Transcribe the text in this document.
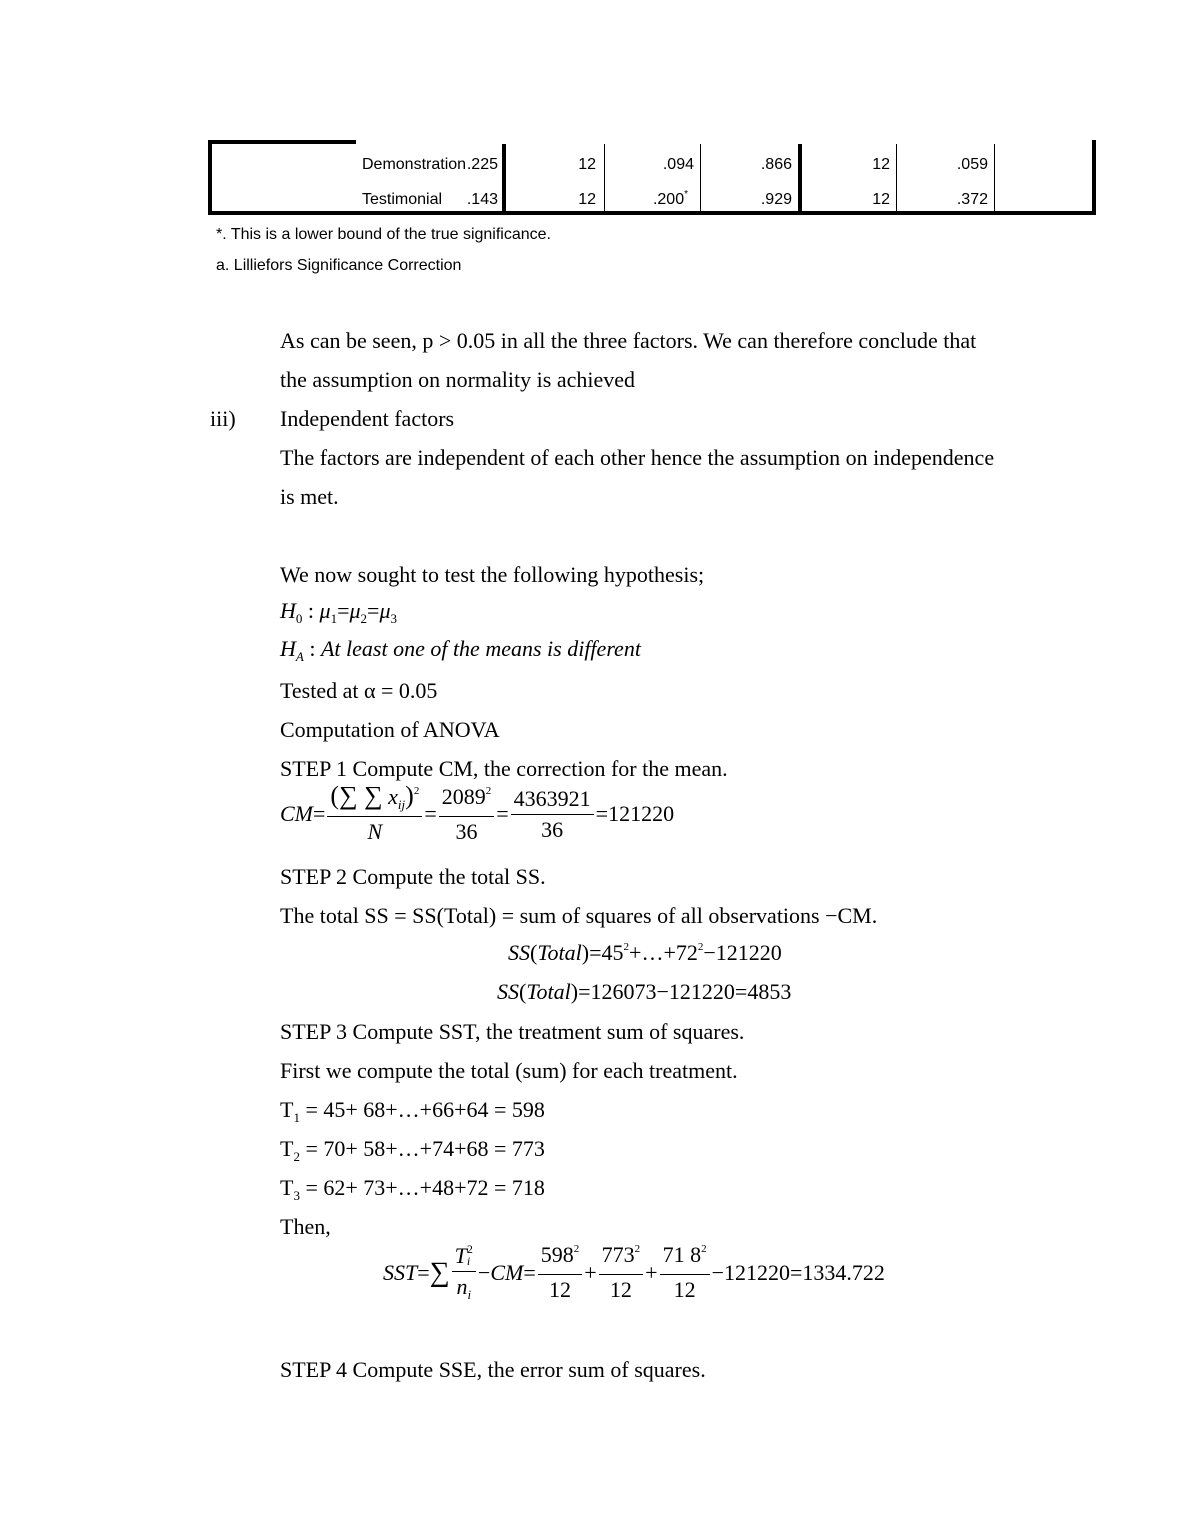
Demonstration .225	12	.094	.866	12	.059
Testimonial	.143	12	.200*	.929	12	.372
*. This is a lower bound of the true significance.
a. Lilliefors Significance Correction
As can be seen, p > 0.05 in all the three factors. We can therefore conclude that
the assumption on normality is achieved
iii) Independent factors
The factors are independent of each other hence the assumption on independence
is met.
We now sought to test the following hypothesis;
$H_0$ : $\mu_1=\mu_2=\mu_3$
$H_A$ : At least one of the means is different
Tested at α = 0.05
Computation of ANOVA
STEP 1 Compute CM, the correction for the mean.
CM = $\frac{(\sum \sum x_{ij})^2}{N} = \frac{2089^2}{36} = \frac{4363921}{36} =121220$
STEP 2 Compute the total SS.
The total SS = SS(Total) = sum of squares of all observations −CM.
$SS(Total)=45^2+\dots+72^2-121220$
SS(Total)=126073−121220=4853
STEP 3 Compute SST, the treatment sum of squares.
First we compute the total (sum) for each treatment.
$T_1 = 45+$ 68+…+66+64 = 598
$T_2 = 70+$ 58+…+74+68 = 773
$T_3 = 62+$ 73+…+48+72 = 718
Then,
SST = ∑ T 2
i
$n_i$ − CM = $\frac{598^2}{12} + \frac{773^2}{12} + \frac{71 8^2}{12} -121220=1334.722$
STEP 4 Compute SSE, the error sum of squares.
